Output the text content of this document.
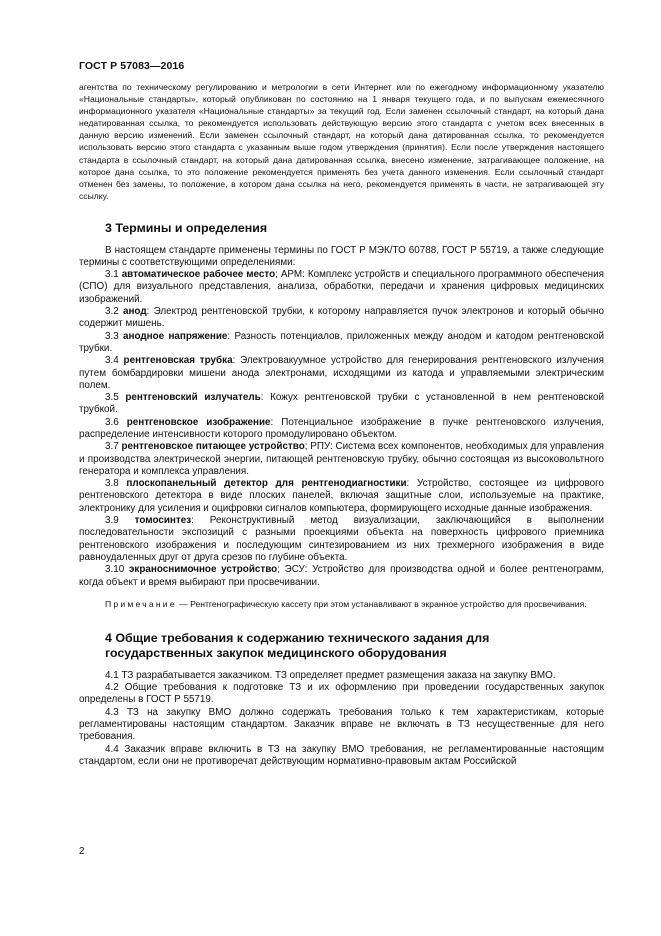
ГОСТ Р 57083—2016

агентства по техническому регулированию и метрологии в сети Интернет или по ежегодному информационному указателю «Национальные стандарты», который опубликован по состоянию на 1 января текущего года, и по выпускам ежемесячного информационного указателя «Национальные стандарты» за текущий год. Если заменен ссылочный стандарт, на который дана недатированная ссылка, то рекомендуется использовать действующую версию этого стандарта с учетом всех внесенных в данную версию изменений. Если заменен ссылочный стандарт, на который дана датированная ссылка, то рекомендуется использовать версию этого стандарта с указанным выше годом утверждения (принятия). Если после утверждения настоящего стандарта в ссылочный стандарт, на который дана датированная ссылка, внесено изменение, затрагивающее положение, на которое дана ссылка, то это положение рекомендуется применять без учета данного изменения. Если ссылочный стандарт отменен без замены, то положение, в котором дана ссылка на него, рекомендуется применять в части, не затрагивающей эту ссылку.

3 Термины и определения

В настоящем стандарте применены термины по ГОСТ Р МЭК/ТО 60788, ГОСТ Р 55719, а также следующие термины с соответствующими определениями:

3.1 автоматическое рабочее место; АРМ: Комплекс устройств и специального программного обеспечения (СПО) для визуального представления, анализа, обработки, передачи и хранения цифровых медицинских изображений.

3.2 анод: Электрод рентгеновской трубки, к которому направляется пучок электронов и который обычно содержит мишень.

3.3 анодное напряжение: Разность потенциалов, приложенных между анодом и катодом рентгеновской трубки.

3.4 рентгеновская трубка: Электровакуумное устройство для генерирования рентгеновского излучения путем бомбардировки мишени анода электронами, исходящими из катода и управляемыми электрическим полем.

3.5 рентгеновский излучатель: Кожух рентгеновской трубки с установленной в нем рентгеновской трубкой.

3.6 рентгеновское изображение: Потенциальное изображение в пучке рентгеновского излучения, распределение интенсивности которого промодулировано объектом.

3.7 рентгеновское питающее устройство; РПУ: Система всех компонентов, необходимых для управления и производства электрической энергии, питающей рентгеновскую трубку, обычно состоящая из высоковольтного генератора и комплекса управления.

3.8 плоскопанельный детектор для рентгенодиагностики: Устройство, состоящее из цифрового рентгеновского детектора в виде плоских панелей, включая защитные слои, используемые на практике, электронику для усиления и оцифровки сигналов компьютера, формирующего исходные данные изображения.

3.9 томосинтез: Реконструктивный метод визуализации, заключающийся в выполнении последовательности экспозиций с разными проекциями объекта на поверхность цифрового приемника рентгеновского изображения и последующим синтезированием из них трехмерного изображения в виде равноудаленных друг от друга срезов по глубине объекта.

3.10 экраноснимочное устройство; ЭСУ: Устройство для производства одной и более рентгенограмм, когда объект и время выбирают при просвечивании.

Примечание — Рентгенографическую кассету при этом устанавливают в экранное устройство для просвечивания.

4 Общие требования к содержанию технического задания для
государственных закупок медицинского оборудования

4.1 ТЗ разрабатывается заказчиком. ТЗ определяет предмет размещения заказа на закупку ВМО.

4.2 Общие требования к подготовке ТЗ и их оформлению при проведении государственных закупок определены в ГОСТ Р 55719.

4.3 ТЗ на закупку ВМО должно содержать требования только к тем характеристикам, которые регламентированы настоящим стандартом. Заказчик вправе не включать в ТЗ несущественные для него требования.

4.4 Заказчик вправе включить в ТЗ на закупку ВМО требования, не регламентированные настоящим стандартом, если они не противоречат действующим нормативно-правовым актам Российской

2
